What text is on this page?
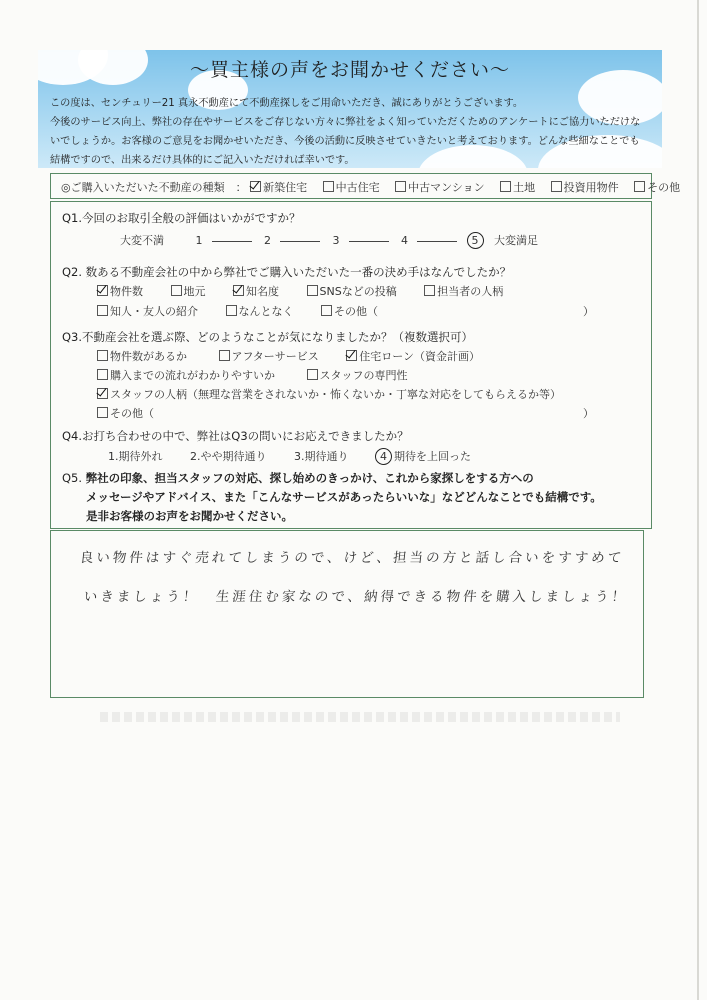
〜買主様の声をお聞かせください〜
この度は、センチュリー21 真永不動産にて不動産探しをご用命いただき、誠にありがとうございます。
今後のサービス向上、弊社の存在やサービスをご存じない方々に弊社をよく知っていただくためのアンケートにご協力いただけな
いでしょうか。お客様のご意見をお聞かせいただき、今後の活動に反映させていきたいと考えております。どんな些細なことでも
結構ですので、出来るだけ具体的にご記入いただければ幸いです。
◎ご購入いただいた不動産の種類　： 新築住宅	中古住宅	中古マンション	土地	投資用物件	その他
Q1.今回のお取引全般の評価はいかがですか？
大変不満	1	2	3	4	5 大変満足
Q2. 数ある不動産会社の中から弊社でご購入いただいた一番の決め手はなんでしたか？
物件数	地元	知名度	SNSなどの投稿	担当者の人柄
知人・友人の紹介	なんとなく	その他（	）
Q3.不動産会社を選ぶ際、どのようなことが気になりましたか？（複数選択可）
物件数があるか	アフターサービス	住宅ローン（資金計画）
購入までの流れがわかりやすいか	スタッフの専門性
スタッフの人柄（無理な営業をされないか・怖くないか・丁寧な対応をしてもらえるか等）
その他（	）
Q4.お打ち合わせの中で、弊社はQ3の問いにお応えできましたか？
1.期待外れ	2.やや期待通り	3.期待通り	4 期待を上回った
Q5. 弊社の印象、担当スタッフの対応、探し始めのきっかけ、これから家探しをする方への
メッセージやアドバイス、また「こんなサービスがあったらいいな」などどんなことでも結構です。
是非お客様のお声をお聞かせください。
良い物件はすぐ売れてしまうので、けど、担当の方と話し合いをすすめて
いきましょう！　生涯住む家なので、納得できる物件を購入しましょう！
